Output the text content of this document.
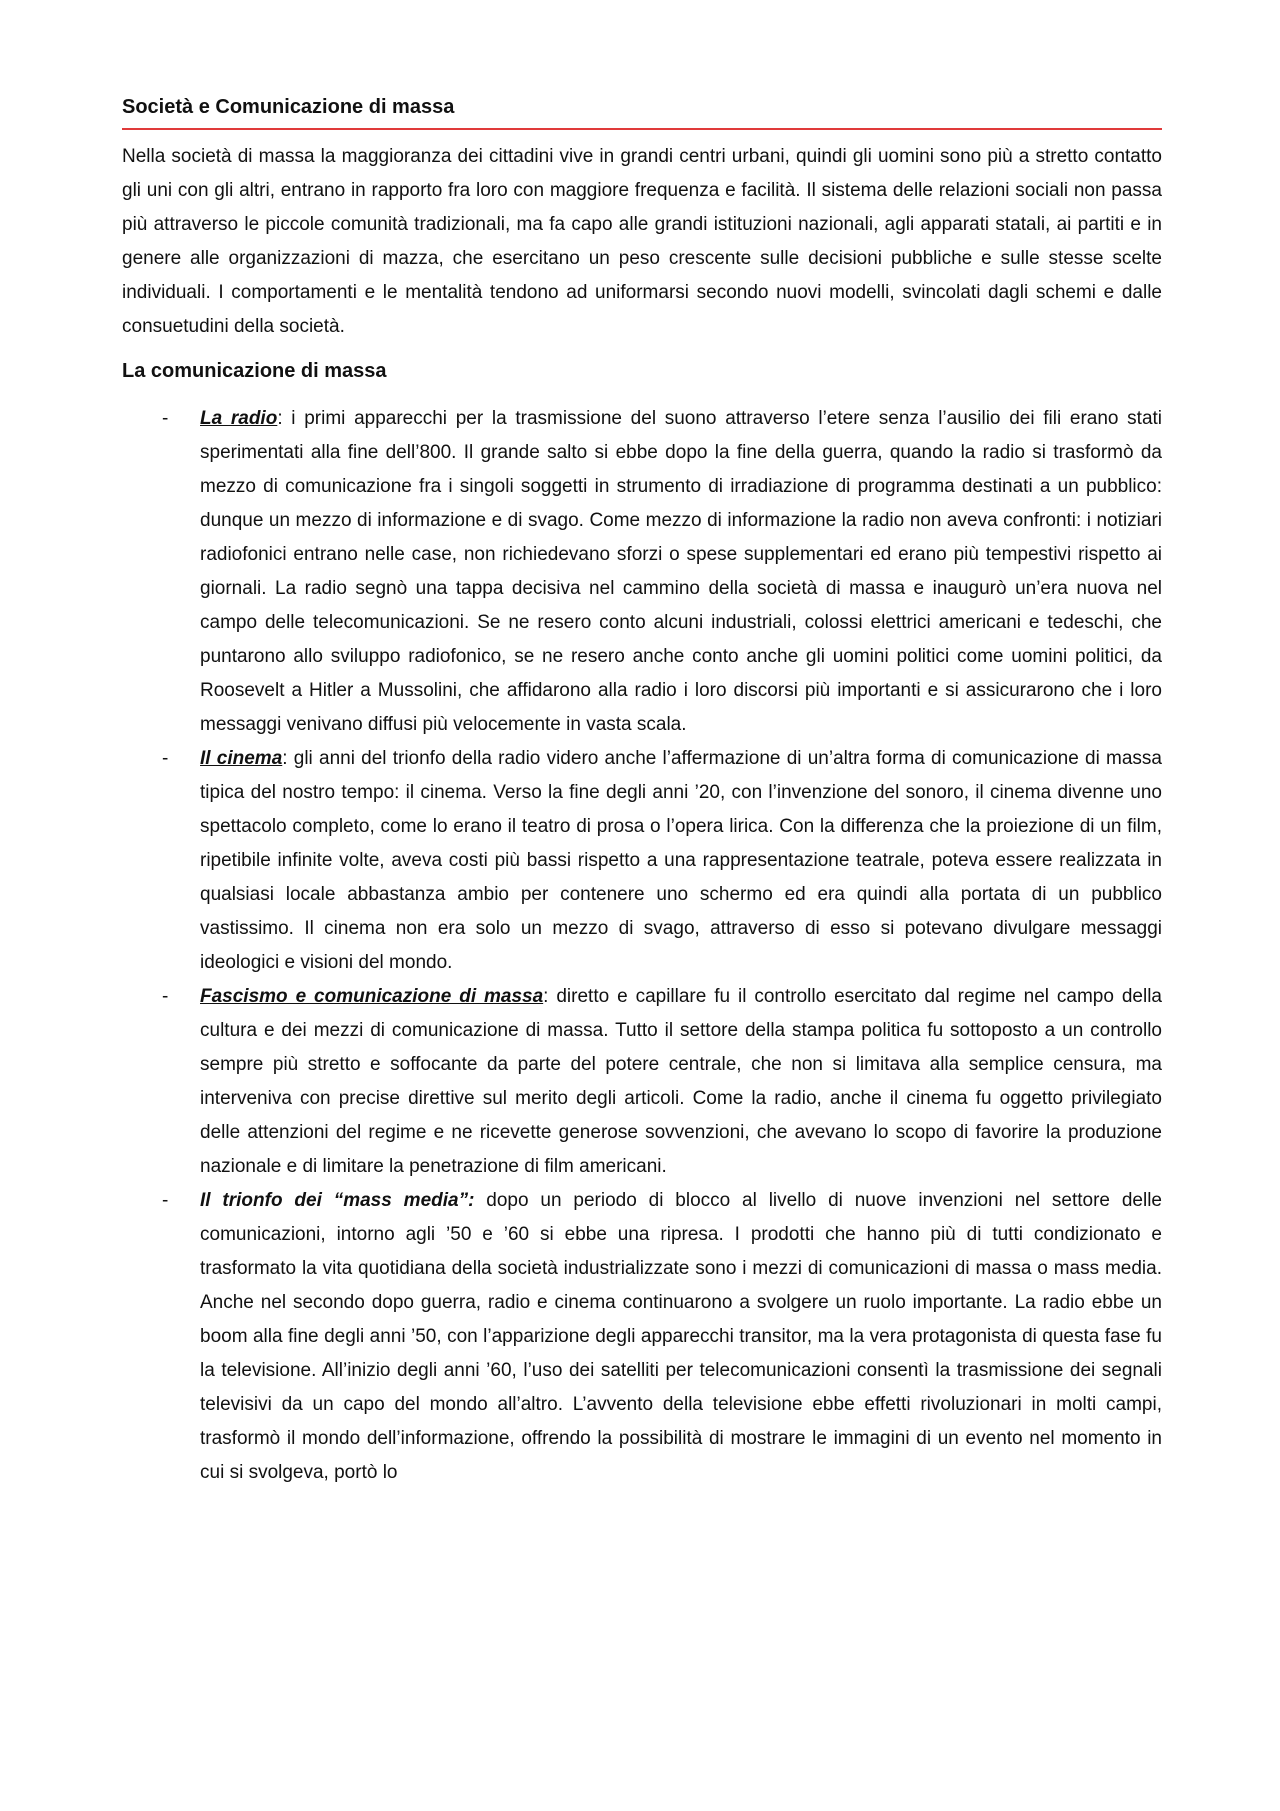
Società e Comunicazione di massa

Nella società di massa la maggioranza dei cittadini vive in grandi centri urbani, quindi gli uomini sono più a stretto contatto gli uni con gli altri, entrano in rapporto fra loro con maggiore frequenza e facilità. Il sistema delle relazioni sociali non passa più attraverso le piccole comunità tradizionali, ma fa capo alle grandi istituzioni nazionali, agli apparati statali, ai partiti e in genere alle organizzazioni di mazza, che esercitano un peso crescente sulle decisioni pubbliche e sulle stesse scelte individuali. I comportamenti e le mentalità tendono ad uniformarsi secondo nuovi modelli, svincolati dagli schemi e dalle consuetudini della società.

La comunicazione di massa
- La radio: i primi apparecchi per la trasmissione del suono attraverso l’etere senza l’ausilio dei fili erano stati sperimentati alla fine dell’800. Il grande salto si ebbe dopo la fine della guerra, quando la radio si trasformò da mezzo di comunicazione fra i singoli soggetti in strumento di irradiazione di programma destinati a un pubblico: dunque un mezzo di informazione e di svago. Come mezzo di informazione la radio non aveva confronti: i notiziari radiofonici entrano nelle case, non richiedevano sforzi o spese supplementari ed erano più tempestivi rispetto ai giornali. La radio segnò una tappa decisiva nel cammino della società di massa e inaugurò un’era nuova nel campo delle telecomunicazioni. Se ne resero conto alcuni industriali, colossi elettrici americani e tedeschi, che puntarono allo sviluppo radiofonico, se ne resero anche conto anche gli uomini politici come uomini politici, da Roosevelt a Hitler a Mussolini, che affidarono alla radio i loro discorsi più importanti e si assicurarono che i loro messaggi venivano diffusi più velocemente in vasta scala.
- Il cinema: gli anni del trionfo della radio videro anche l’affermazione di un’altra forma di comunicazione di massa tipica del nostro tempo: il cinema. Verso la fine degli anni ’20, con l’invenzione del sonoro, il cinema divenne uno spettacolo completo, come lo erano il teatro di prosa o l’opera lirica. Con la differenza che la proiezione di un film, ripetibile infinite volte, aveva costi più bassi rispetto a una rappresentazione teatrale, poteva essere realizzata in qualsiasi locale abbastanza ambio per contenere uno schermo ed era quindi alla portata di un pubblico vastissimo. Il cinema non era solo un mezzo di svago, attraverso di esso si potevano divulgare messaggi ideologici e visioni del mondo.
- Fascismo e comunicazione di massa: diretto e capillare fu il controllo esercitato dal regime nel campo della cultura e dei mezzi di comunicazione di massa. Tutto il settore della stampa politica fu sottoposto a un controllo sempre più stretto e soffocante da parte del potere centrale, che non si limitava alla semplice censura, ma interveniva con precise direttive sul merito degli articoli. Come la radio, anche il cinema fu oggetto privilegiato delle attenzioni del regime e ne ricevette generose sovvenzioni, che avevano lo scopo di favorire la produzione nazionale e di limitare la penetrazione di film americani.
- Il trionfo dei “mass media”: dopo un periodo di blocco al livello di nuove invenzioni nel settore delle comunicazioni, intorno agli ’50 e ’60 si ebbe una ripresa. I prodotti che hanno più di tutti condizionato e trasformato la vita quotidiana della società industrializzate sono i mezzi di comunicazioni di massa o mass media. Anche nel secondo dopo guerra, radio e cinema continuarono a svolgere un ruolo importante. La radio ebbe un boom alla fine degli anni ’50, con l’apparizione degli apparecchi transitor, ma la vera protagonista di questa fase fu la televisione. All’inizio degli anni ’60, l’uso dei satelliti per telecomunicazioni consentì la trasmissione dei segnali televisivi da un capo del mondo all’altro. L’avvento della televisione ebbe effetti rivoluzionari in molti campi, trasformò il mondo dell’informazione, offrendo la possibilità di mostrare le immagini di un evento nel momento in cui si svolgeva, portò lo
